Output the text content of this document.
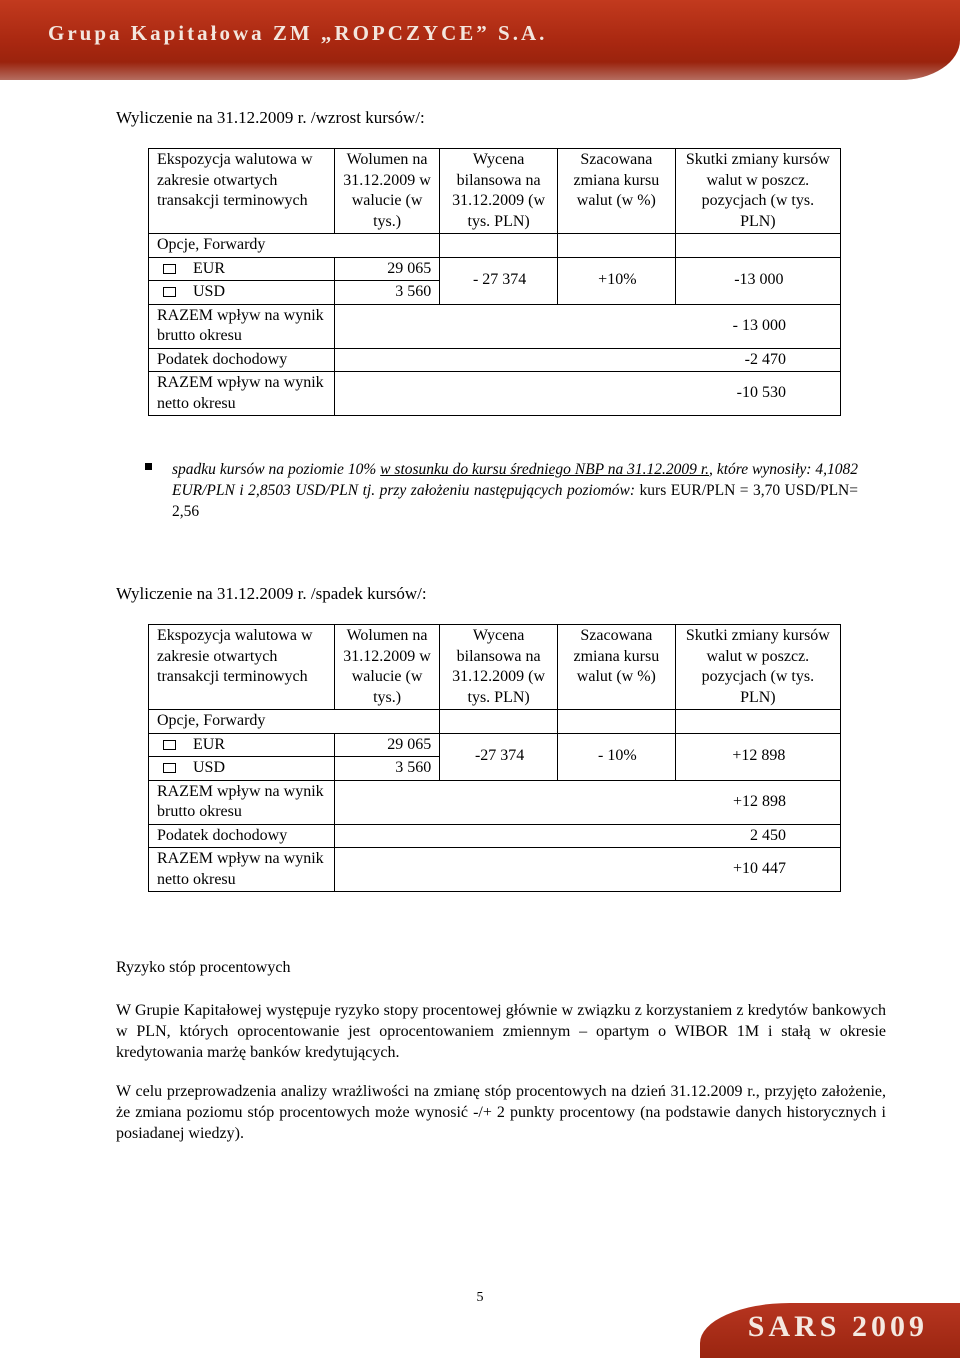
Grupa Kapitałowa ZM „ROPCZYCE” S.A.
Wyliczenie na 31.12.2009 r. /wzrost kursów/:
Ekspozycja walutowa w zakresie otwartych transakcji terminowych	Wolumen na 31.12.2009 w walucie (w tys.)	Wycena bilansowa na 31.12.2009 (w tys. PLN)	Szacowana zmiana kursu walut (w %)	Skutki zmiany kursów walut w poszcz. pozycjach (w tys. PLN)
Opcje, Forwardy				
EUR	29 065	- 27 374	+10%	-13 000
USD	3 560			
RAZEM wpływ na wynik brutto okresu	- 13 000			
Podatek dochodowy	-2 470			
RAZEM wpływ na wynik netto okresu	-10 530			
spadku kursów na poziomie 10% w stosunku do kursu średniego NBP na 31.12.2009 r., które wynosiły: 4,1082 EUR/PLN i 2,8503 USD/PLN tj. przy założeniu następujących poziomów: kurs EUR/PLN = 3,70 USD/PLN= 2,56
Wyliczenie na 31.12.2009 r. /spadek kursów/:
Ekspozycja walutowa w zakresie otwartych transakcji terminowych	Wolumen na 31.12.2009 w walucie (w tys.)	Wycena bilansowa na 31.12.2009 (w tys. PLN)	Szacowana zmiana kursu walut (w %)	Skutki zmiany kursów walut w poszcz. pozycjach (w tys. PLN)
Opcje, Forwardy				
EUR	29 065	-27 374	- 10%	+12 898
USD	3 560			
RAZEM wpływ na wynik brutto okresu	+12 898			
Podatek dochodowy	2 450			
RAZEM wpływ na wynik netto okresu	+10 447			
Ryzyko stóp procentowych
W Grupie Kapitałowej występuje ryzyko stopy procentowej głównie w związku z korzystaniem z kredytów bankowych w PLN, których oprocentowanie jest oprocentowaniem zmiennym – opartym o WIBOR 1M i stałą w okresie kredytowania marżę banków kredytujących.
W celu przeprowadzenia analizy wrażliwości na zmianę stóp procentowych na dzień 31.12.2009 r., przyjęto założenie, że zmiana poziomu stóp procentowych może wynosić -/+ 2 punkty procentowy (na podstawie danych historycznych i posiadanej wiedzy).
5
SARS 2009
